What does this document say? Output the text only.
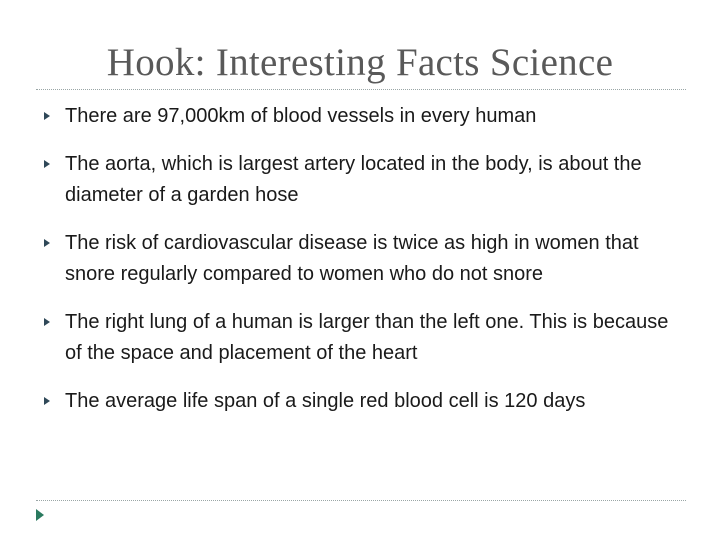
Hook: Interesting Facts Science
There are 97,000km of blood vessels in every human
The aorta, which is largest artery located in the body, is about the diameter of a garden hose
The risk of cardiovascular disease is twice as high in women that snore regularly compared to women who do not snore
The right lung of a human is larger than the left one. This is because of the space and placement of the heart
The average life span of a single red blood cell is 120 days
